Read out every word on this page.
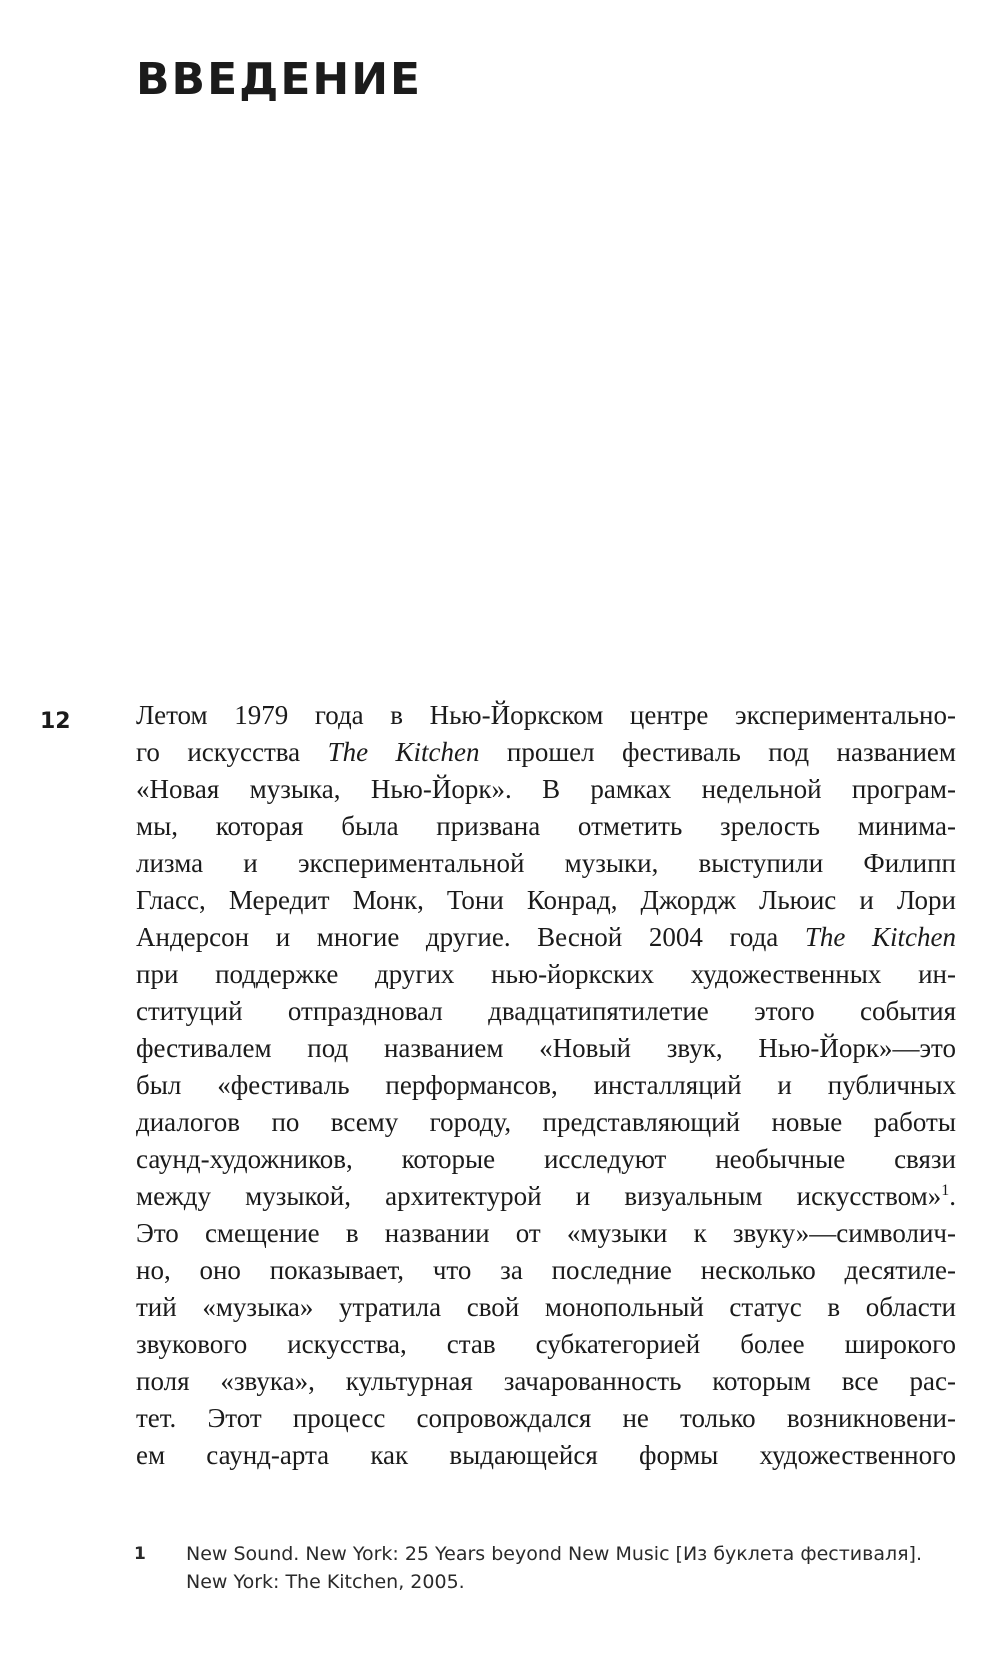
ВВЕДЕНИЕ
12 Летом 1979 года в Нью-Йоркском центре экспериментально-
го искусства The Kitchen прошел фестиваль под названием
«Новая музыка, Нью-Йорк». В рамках недельной програм-
мы, которая была призвана отметить зрелость минима-
лизма и экспериментальной музыки, выступили Филипп
Гласс, Мередит Монк, Тони Конрад, Джордж Льюис и Лори
Андерсон и многие другие. Весной 2004 года The Kitchen
при поддержке других нью-йоркских художественных ин-
ституций отпраздновал двадцатипятилетие этого события
фестивалем под названием «Новый звук, Нью-Йорк»—это
был «фестиваль перформансов, инсталляций и публичных
диалогов по всему городу, представляющий новые работы
саунд-художников, которые исследуют необычные связи
между музыкой, архитектурой и визуальным искусством»$^1$.
Это смещение в названии от «музыки к звуку»—символич-
но, оно показывает, что за последние несколько десятиле-
тий «музыка» утратила свой монопольный статус в области
звукового искусства, став субкатегорией более широкого
поля «звука», культурная зачарованность которым все рас-
тет. Этот процесс сопровождался не только возникновени-
ем саунд-арта как выдающейся формы художественного
1 New Sound. New York: 25 Years beyond New Music [Из буклета фестиваля].
New York: The Kitchen, 2005.
